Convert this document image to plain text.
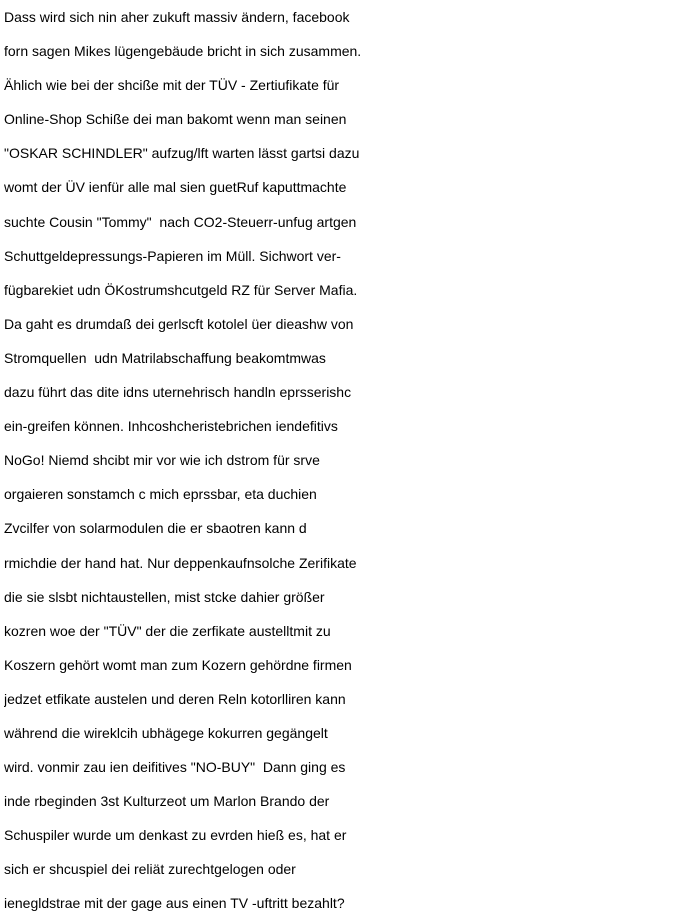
Dass wird sich nin aher zukuft massiv ändern, facebook
forn sagen Mikes lügengebäude bricht in sich zusammen.
Ählich wie bei der shciße mit der TÜV - Zertiufikate für
Online-Shop Schiße dei man bakomt wenn man seinen
"OSKAR SCHINDLER" aufzug/lft warten lässt gartsi dazu
womt der ÜV ienfür alle mal sien guetRuf kaputtmachte
suchte Cousin "Tommy"  nach CO2-Steuerr-unfug artgen
Schuttgeldepressungs-Papieren im Müll. Sichwort ver-
fügbarekiet udn ÖKostrumshcutgeld RZ für Server Mafia.
Da gaht es drumdaß dei gerlscft kotolel üer dieashw von
Stromquellen  udn Matrilabschaffung beakomtmwas
dazu führt das dite idns uternehrisch handln eprsserishc
ein-greifen können. Inhcoshcheristebrichen iendefitivs
NoGo! Niemd shcibt mir vor wie ich dstrom für srve
orgaieren sonstamch c mich eprssbar, eta duchien
Zvcilfer von solarmodulen die er sbaotren kann d
rmichdie der hand hat. Nur deppenkaufnsolche Zerifikate
die sie slsbt nichtaustellen, mist stcke dahier größer
kozren woe der "TÜV" der die zerfikate austelltmit zu
Koszern gehört womt man zum Kozern gehördne firmen
jedzet etfikate austelen und deren Reln kotorlliren kann
während die wireklcih ubhägege kokurren gegängelt
wird. vonmir zau ien deifitives "NO-BUY"  Dann ging es
inde rbeginden 3st Kulturzeot um Marlon Brando der
Schuspiler wurde um denkast zu evrden hieß es, hat er
sich er shcuspiel dei reliät zurechtgelogen oder
ienegldstrae mit der gage aus einen TV -uftritt bezahlt?
